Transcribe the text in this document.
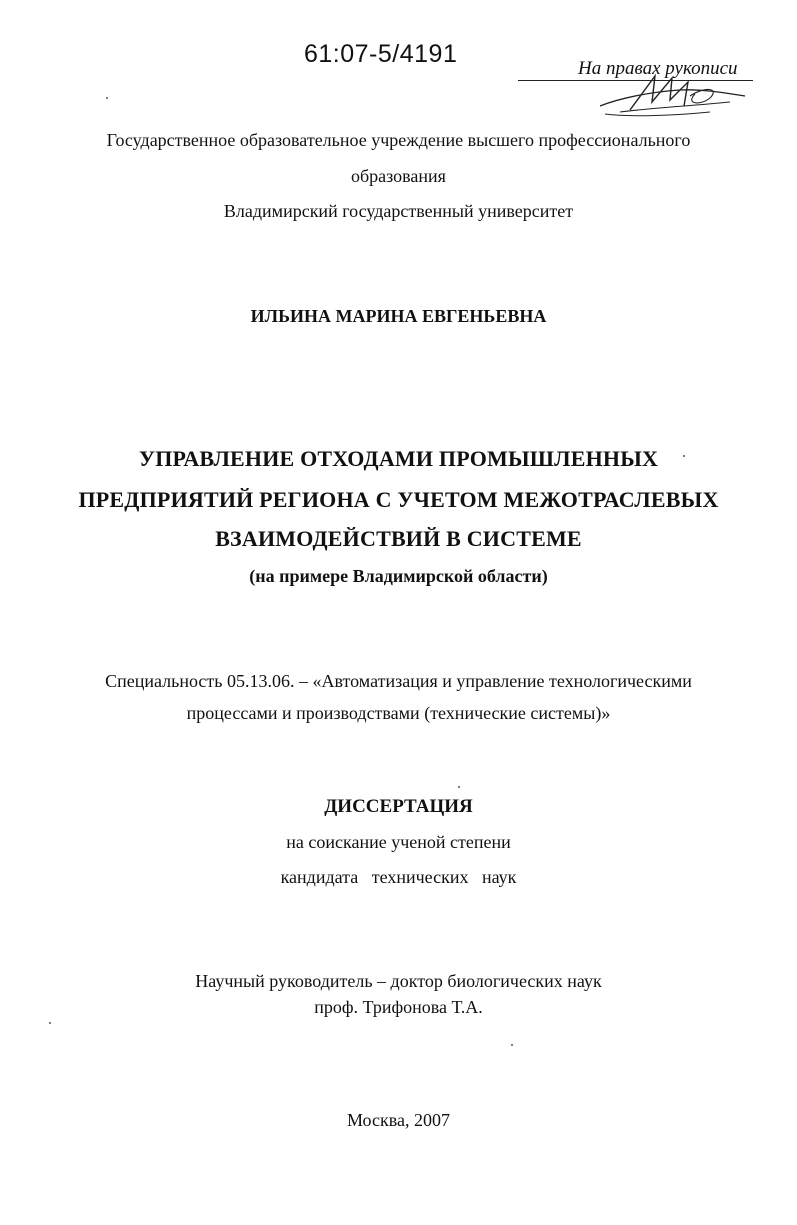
61:07-5/4191
На правах рукописи
Государственное образовательное учреждение высшего профессионального
образования
Владимирский государственный университет
ИЛЬИНА МАРИНА ЕВГЕНЬЕВНА
УПРАВЛЕНИЕ ОТХОДАМИ ПРОМЫШЛЕННЫХ
ПРЕДПРИЯТИЙ РЕГИОНА С УЧЕТОМ МЕЖОТРАСЛЕВЫХ
ВЗАИМОДЕЙСТВИЙ В СИСТЕМЕ
(на примере Владимирской области)
Специальность 05.13.06. – «Автоматизация и управление технологическими
процессами и производствами (технические системы)»
ДИССЕРТАЦИЯ
на соискание ученой степени
кандидата   технических   наук
Научный руководитель – доктор биологических наук
проф. Трифонова Т.А.
Москва, 2007
